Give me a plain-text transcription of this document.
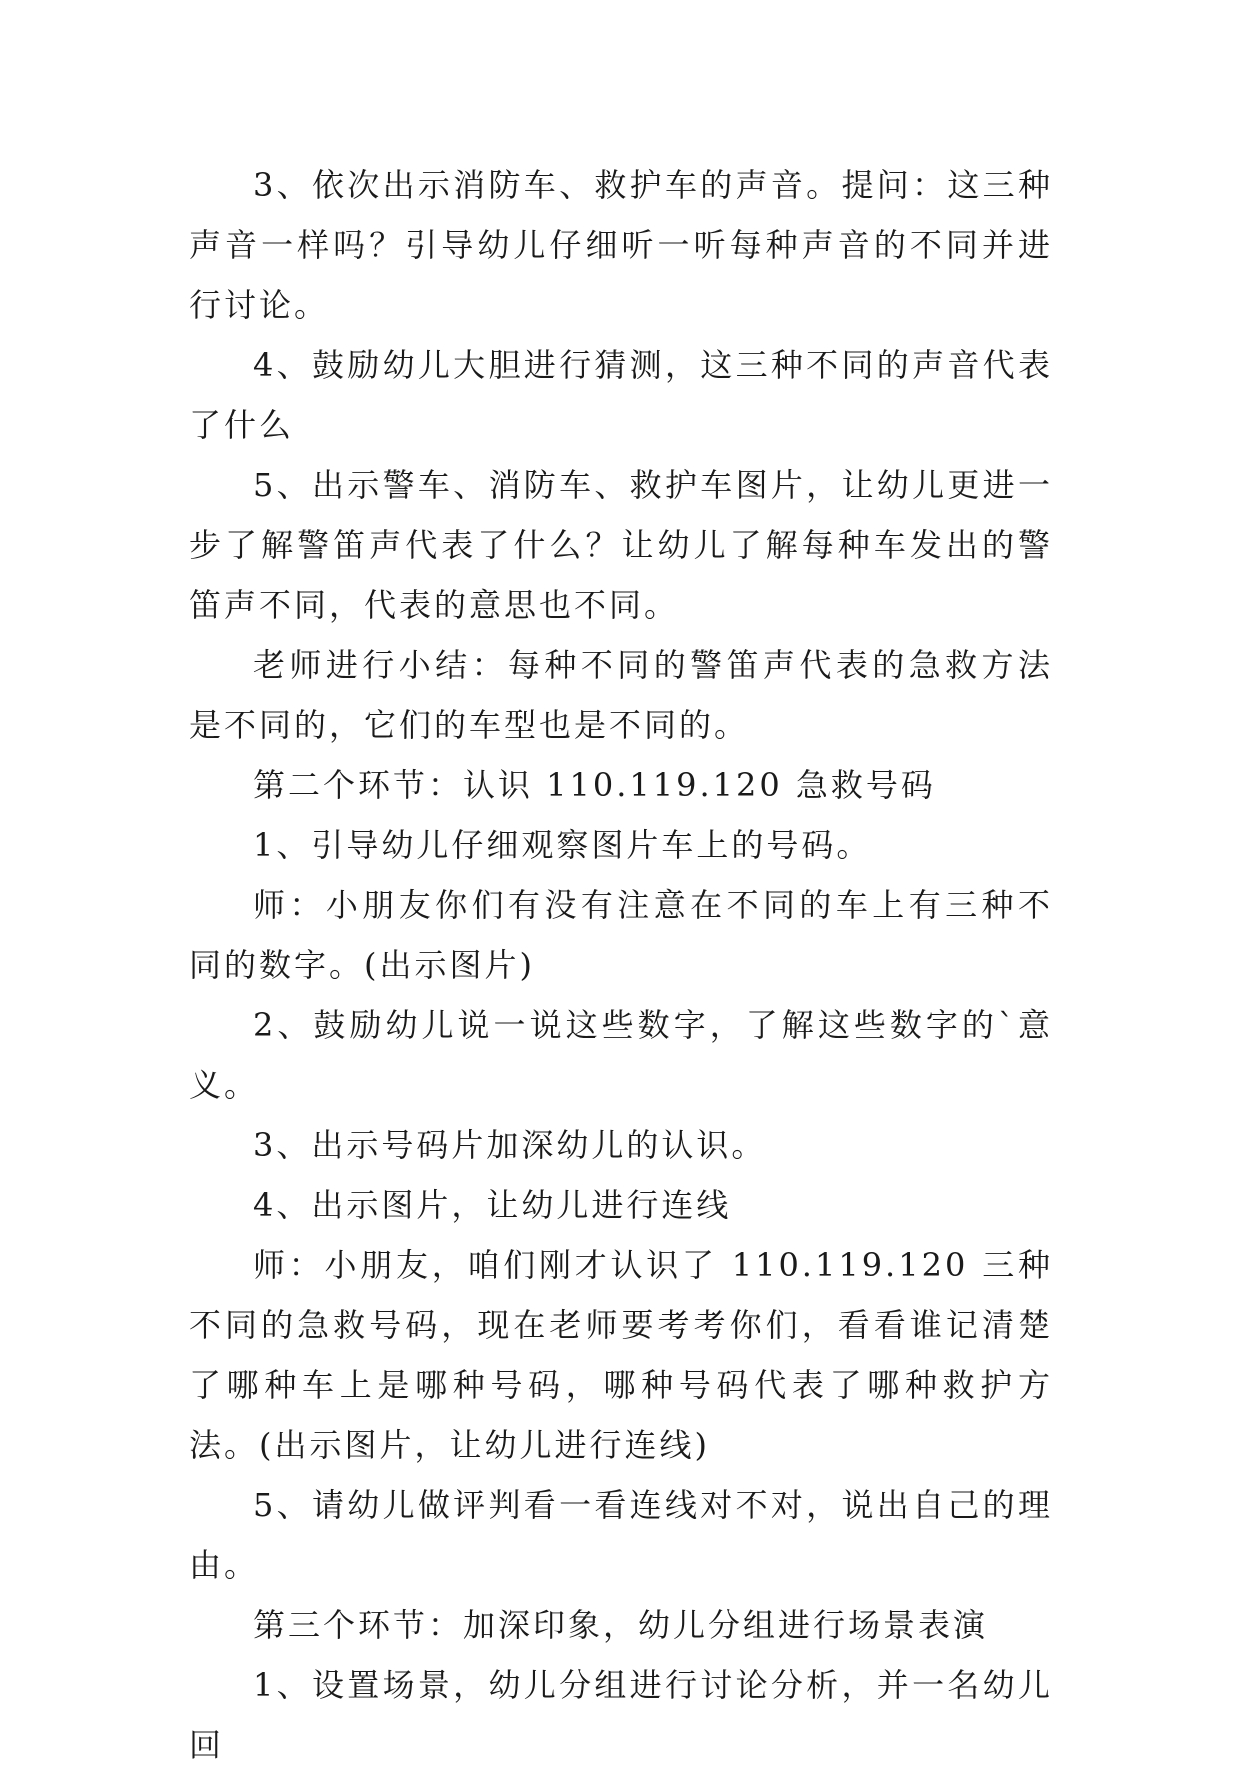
3、依次出示消防车、救护车的声音。提问：这三种声音一样吗？引导幼儿仔细听一听每种声音的不同并进行讨论。

4、鼓励幼儿大胆进行猜测，这三种不同的声音代表了什么

5、出示警车、消防车、救护车图片，让幼儿更进一步了解警笛声代表了什么？让幼儿了解每种车发出的警笛声不同，代表的意思也不同。

老师进行小结：每种不同的警笛声代表的急救方法是不同的，它们的车型也是不同的。

第二个环节：认识 110.119.120 急救号码

1、引导幼儿仔细观察图片车上的号码。

师：小朋友你们有没有注意在不同的车上有三种不同的数字。(出示图片)

2、鼓励幼儿说一说这些数字，了解这些数字的`意义。

3、出示号码片加深幼儿的认识。

4、出示图片，让幼儿进行连线

师：小朋友，咱们刚才认识了 110.119.120 三种不同的急救号码，现在老师要考考你们，看看谁记清楚了哪种车上是哪种号码，哪种号码代表了哪种救护方法。(出示图片，让幼儿进行连线)

5、请幼儿做评判看一看连线对不对，说出自己的理由。

第三个环节：加深印象，幼儿分组进行场景表演

1、设置场景，幼儿分组进行讨论分析，并一名幼儿回
